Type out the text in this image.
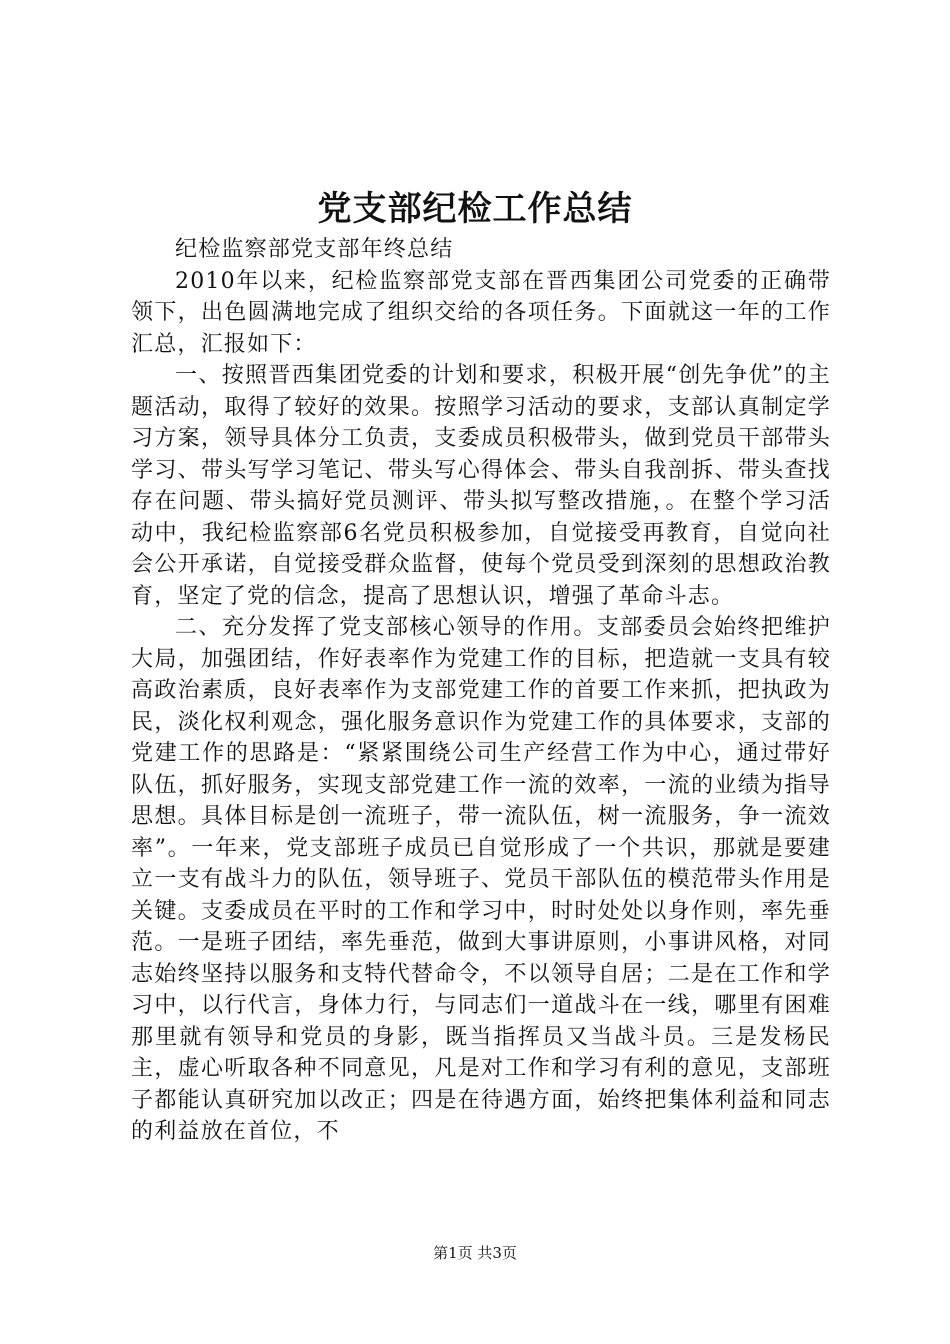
党支部纪检工作总结

纪检监察部党支部年终总结

2010年以来，纪检监察部党支部在晋西集团公司党委的正确带领下，出色圆满地完成了组织交给的各项任务。下面就这一年的工作汇总，汇报如下：

一、按照晋西集团党委的计划和要求，积极开展“创先争优”的主题活动，取得了较好的效果。按照学习活动的要求，支部认真制定学习方案，领导具体分工负责，支委成员积极带头，做到党员干部带头学习、带头写学习笔记、带头写心得体会、带头自我剖拆、带头查找存在问题、带头搞好党员测评、带头拟写整改措施，。在整个学习活动中，我纪检监察部6名党员积极参加，自觉接受再教育，自觉向社会公开承诺，自觉接受群众监督，使每个党员受到深刻的思想政治教育，坚定了党的信念，提高了思想认识，增强了革命斗志。

二、充分发挥了党支部核心领导的作用。支部委员会始终把维护大局，加强团结，作好表率作为党建工作的目标，把造就一支具有较高政治素质，良好表率作为支部党建工作的首要工作来抓，把执政为民，淡化权利观念，强化服务意识作为党建工作的具体要求，支部的党建工作的思路是：“紧紧围绕公司生产经营工作为中心，通过带好队伍，抓好服务，实现支部党建工作一流的效率，一流的业绩为指导思想。具体目标是创一流班子，带一流队伍，树一流服务，争一流效率”。一年来，党支部班子成员已自觉形成了一个共识，那就是要建立一支有战斗力的队伍，领导班子、党员干部队伍的模范带头作用是关键。支委成员在平时的工作和学习中，时时处处以身作则，率先垂范。一是班子团结，率先垂范，做到大事讲原则，小事讲风格，对同志始终坚持以服务和支特代替命令，不以领导自居；二是在工作和学习中，以行代言，身体力行，与同志们一道战斗在一线，哪里有困难那里就有领导和党员的身影，既当指挥员又当战斗员。三是发杨民主，虚心听取各种不同意见，凡是对工作和学习有利的意见，支部班子都能认真研究加以改正；四是在待遇方面，始终把集体利益和同志的利益放在首位，不

第1页 共3页
